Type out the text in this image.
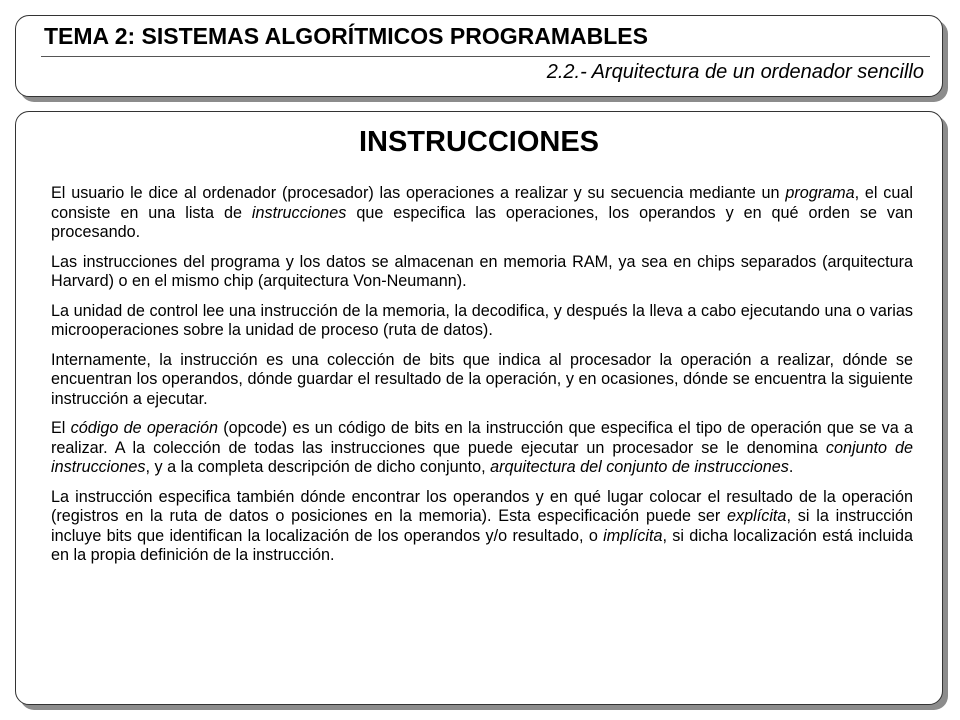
TEMA 2: SISTEMAS ALGORÍTMICOS PROGRAMABLES
2.2.- Arquitectura de un ordenador sencillo
INSTRUCCIONES

El usuario le dice al ordenador (procesador) las operaciones a realizar y su secuencia mediante un programa, el cual consiste en una lista de instrucciones que especifica las operaciones, los operandos y en qué orden se van procesando.

Las instrucciones del programa y los datos se almacenan en memoria RAM, ya sea en chips separados (arquitectura Harvard) o en el mismo chip (arquitectura Von-Neumann).

La unidad de control lee una instrucción de la memoria, la decodifica, y después la lleva a cabo ejecutando una o varias microoperaciones sobre la unidad de proceso (ruta de datos).

Internamente, la instrucción es una colección de bits que indica al procesador la operación a realizar, dónde se encuentran los operandos, dónde guardar el resultado de la operación, y en ocasiones, dónde se encuentra la siguiente instrucción a ejecutar.

El código de operación (opcode) es un código de bits en la instrucción que especifica el tipo de operación que se va a realizar. A la colección de todas las instrucciones que puede ejecutar un procesador se le denomina conjunto de instrucciones, y a la completa descripción de dicho conjunto, arquitectura del conjunto de instrucciones.

La instrucción especifica también dónde encontrar los operandos y en qué lugar colocar el resultado de la operación (registros en la ruta de datos o posiciones en la memoria). Esta especificación puede ser explícita, si la instrucción incluye bits que identifican la localización de los operandos y/o resultado, o implícita, si dicha localización está incluida en la propia definición de la instrucción.
